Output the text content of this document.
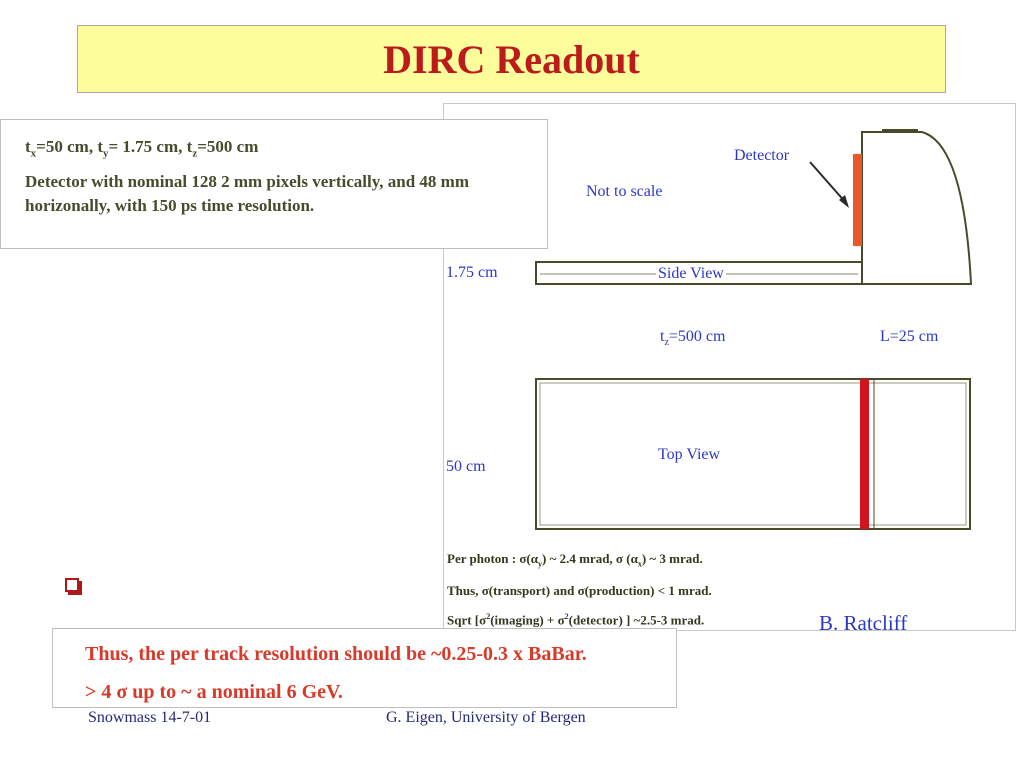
DIRC Readout
Detector
Not to scale
1.75 cm	Side View
$t_z=500$ cm	L=25 cm
Top View
50 cm
$t_x=50$ cm, $t_y= 1.75$ cm, $t_z=500$ cm
Detector with nominal 128 2 mm pixels vertically, and 48 mm horizonally, with 150 ps time resolution.
Per photon : $\sigma(\alpha_y)$ ~ 2.4 mrad, σ $(\alpha_x)$ ~ 3 mrad.
Thus, σ(transport) and σ(production) < 1 mrad.
Sqrt [$\sigma^2(imaging)$ + $\sigma^2(detector)$ ] ~2.5-3 mrad.
Thus, the per track resolution should be ~0.25-0.3 x BaBar.
> 4 σ up to ~ a nominal 6 GeV.
B. Ratcliff
Snowmass 14-7-01	G. Eigen, University of Bergen
